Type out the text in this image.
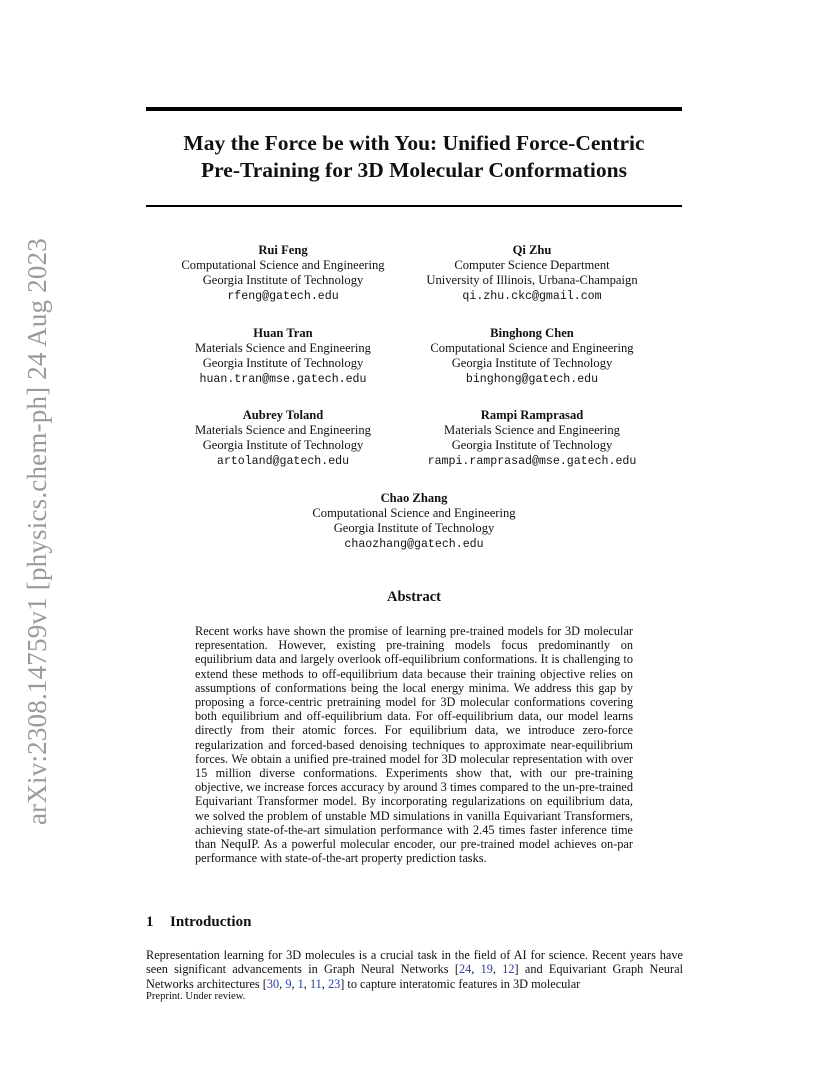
arXiv:2308.14759v1 [physics.chem-ph] 24 Aug 2023
May the Force be with You: Unified Force-Centric
Pre-Training for 3D Molecular Conformations
Rui Feng
Computational Science and Engineering
Georgia Institute of Technology
rfeng@gatech.edu
Qi Zhu
Computer Science Department
University of Illinois, Urbana-Champaign
qi.zhu.ckc@gmail.com
Huan Tran
Materials Science and Engineering
Georgia Institute of Technology
huan.tran@mse.gatech.edu
Binghong Chen
Computational Science and Engineering
Georgia Institute of Technology
binghong@gatech.edu
Aubrey Toland
Materials Science and Engineering
Georgia Institute of Technology
artoland@gatech.edu
Rampi Ramprasad
Materials Science and Engineering
Georgia Institute of Technology
rampi.ramprasad@mse.gatech.edu
Chao Zhang
Computational Science and Engineering
Georgia Institute of Technology
chaozhang@gatech.edu
Abstract
Recent works have shown the promise of learning pre-trained models for 3D molecular representation. However, existing pre-training models focus predominantly on equilibrium data and largely overlook off-equilibrium conformations. It is challenging to extend these methods to off-equilibrium data because their training objective relies on assumptions of conformations being the local energy minima. We address this gap by proposing a force-centric pretraining model for 3D molecular conformations covering both equilibrium and off-equilibrium data. For off-equilibrium data, our model learns directly from their atomic forces. For equilibrium data, we introduce zero-force regularization and forced-based denoising techniques to approximate near-equilibrium forces. We obtain a unified pre-trained model for 3D molecular representation with over 15 million diverse conformations. Experiments show that, with our pre-training objective, we increase forces accuracy by around 3 times compared to the un-pre-trained Equivariant Transformer model. By incorporating regularizations on equilibrium data, we solved the problem of unstable MD simulations in vanilla Equivariant Transformers, achieving state-of-the-art simulation performance with 2.45 times faster inference time than NequIP. As a powerful molecular encoder, our pre-trained model achieves on-par performance with state-of-the-art property prediction tasks.
1 Introduction
Representation learning for 3D molecules is a crucial task in the field of AI for science. Recent years have seen significant advancements in Graph Neural Networks [24, 19, 12] and Equivariant Graph Neural Networks architectures [30, 9, 1, 11, 23] to capture interatomic features in 3D molecular
Preprint. Under review.
